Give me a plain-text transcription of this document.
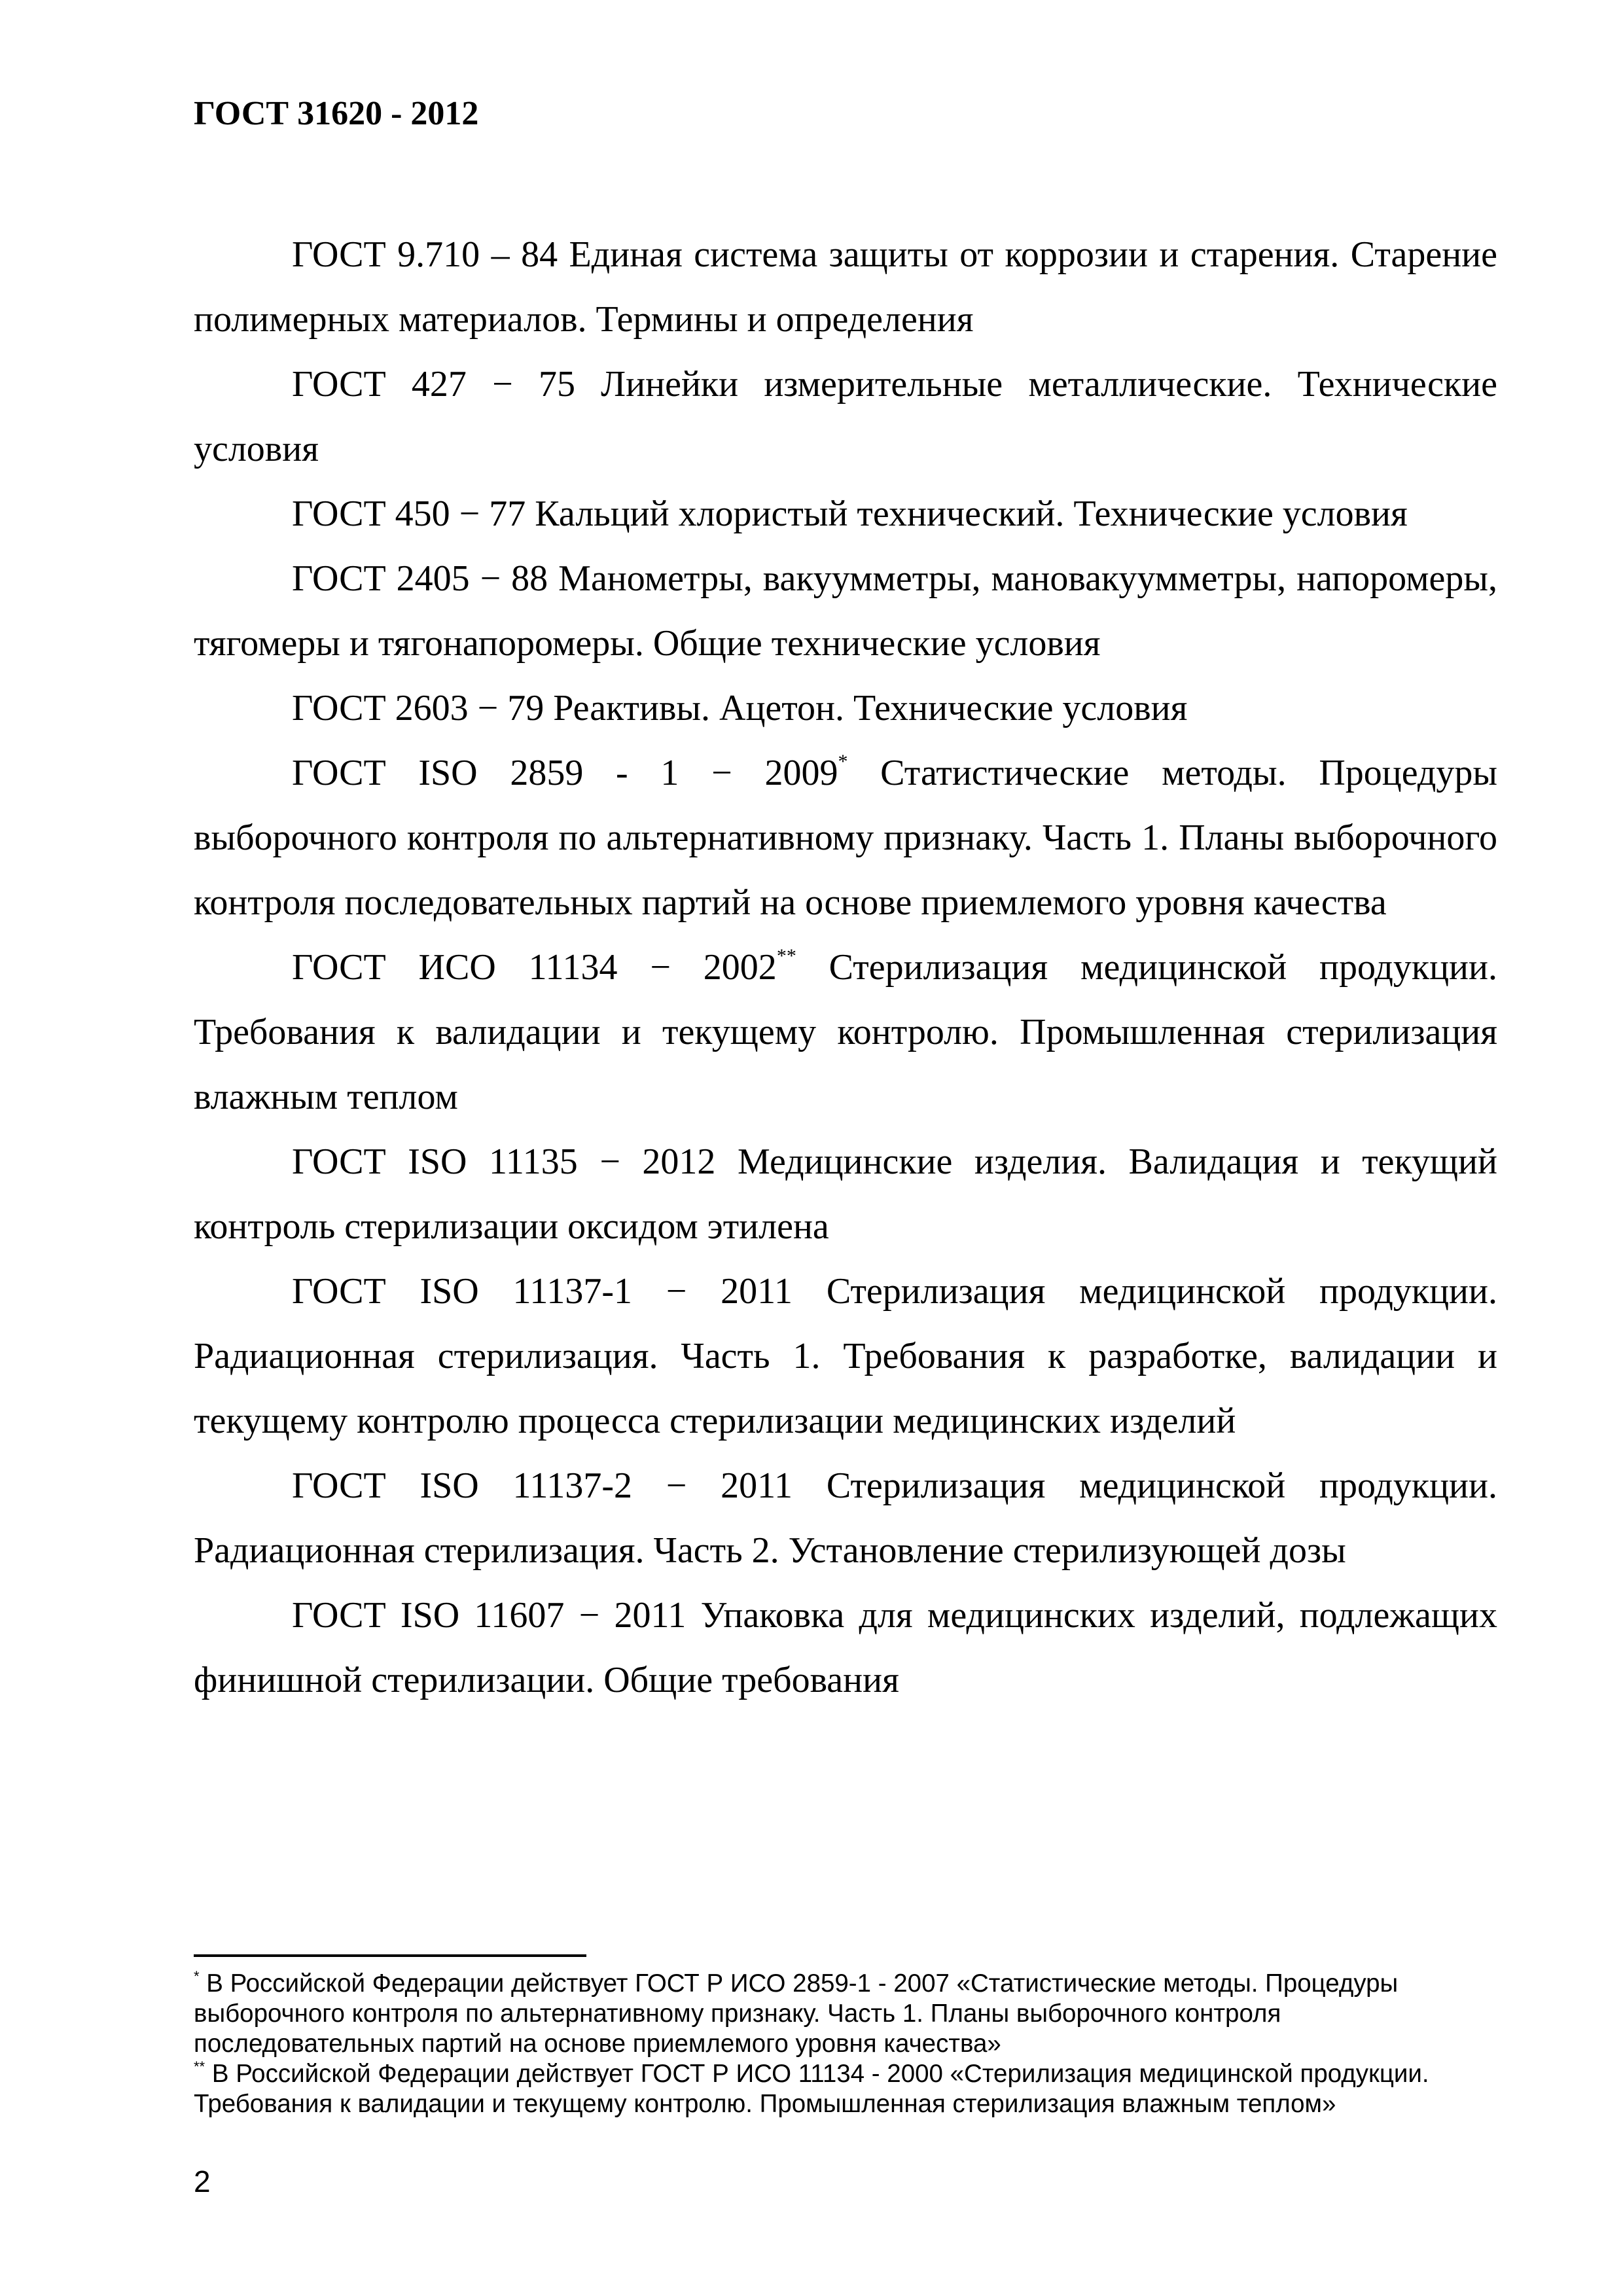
ГОСТ 31620 - 2012

ГОСТ 9.710 – 84 Единая система защиты от коррозии и старения. Старение полимерных материалов. Термины и определения

ГОСТ 427 − 75 Линейки измерительные металлические. Технические условия

ГОСТ 450 − 77 Кальций хлористый технический. Технические условия

ГОСТ 2405 − 88 Манометры, вакуумметры, мановакуумметры, напоромеры, тягомеры и тягонапоромеры. Общие технические условия

ГОСТ 2603 − 79 Реактивы. Ацетон. Технические условия

ГОСТ ISO 2859 - 1 − 2009* Статистические методы. Процедуры выборочного контроля по альтернативному признаку. Часть 1. Планы выборочного контроля последовательных партий на основе приемлемого уровня качества

ГОСТ ИСО 11134 − 2002** Стерилизация медицинской продукции. Требования к валидации и текущему контролю. Промышленная стерилизация влажным теплом

ГОСТ ISO 11135 − 2012 Медицинские изделия. Валидация и текущий контроль стерилизации оксидом этилена

ГОСТ ISO 11137-1 − 2011 Стерилизация медицинской продукции. Радиационная стерилизация. Часть 1. Требования к разработке, валидации и текущему контролю процесса стерилизации медицинских изделий

ГОСТ ISO 11137-2 − 2011 Стерилизация медицинской продукции. Радиационная стерилизация. Часть 2. Установление стерилизующей дозы

ГОСТ ISO 11607 − 2011 Упаковка для медицинских изделий, подлежащих финишной стерилизации. Общие требования

* В Российской Федерации действует ГОСТ Р ИСО 2859-1 - 2007 «Статистические методы. Процедуры выборочного контроля по альтернативному признаку. Часть 1. Планы выборочного контроля последовательных партий на основе приемлемого уровня качества»

** В Российской Федерации действует ГОСТ Р ИСО 11134 - 2000 «Стерилизация медицинской продукции. Требования к валидации и текущему контролю. Промышленная стерилизация влажным теплом»

2
